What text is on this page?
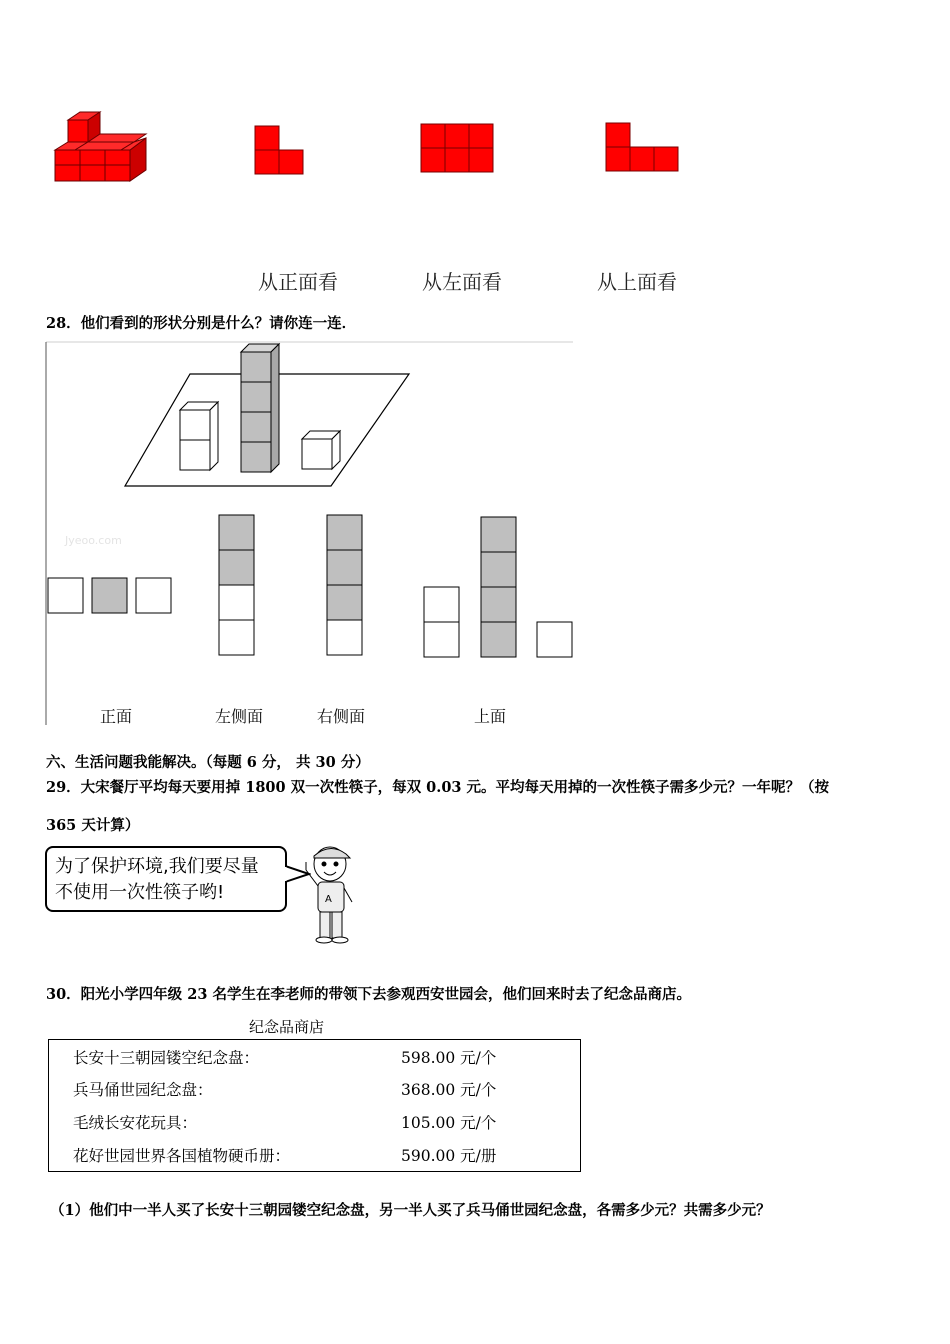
从正面看	从左面看	从上面看
28．他们看到的形状分别是什么？请你连一连．
Jyeoo.com
正面	左侧面	右侧面	上面
六、生活问题我能解决。（每题 6 分， 共 30 分）
29．大宋餐厅平均每天要用掉 1800 双一次性筷子，每双 0.03 元。平均每天用掉的一次性筷子需多少元？一年呢？（按
365 天计算）
为了保护环境,我们要尽量
不使用一次性筷子哟!	A
30．阳光小学四年级 23 名学生在李老师的带领下去参观西安世园会，他们回来时去了纪念品商店。
纪念品商店
长安十三朝园镂空纪念盘：	598.00 元/个
兵马俑世园纪念盘：	368.00 元/个
毛绒长安花玩具：	105.00 元/个
花好世园世界各国植物硬币册：	590.00 元/册
（1）他们中一半人买了长安十三朝园镂空纪念盘，另一半人买了兵马俑世园纪念盘，各需多少元？共需多少元？
